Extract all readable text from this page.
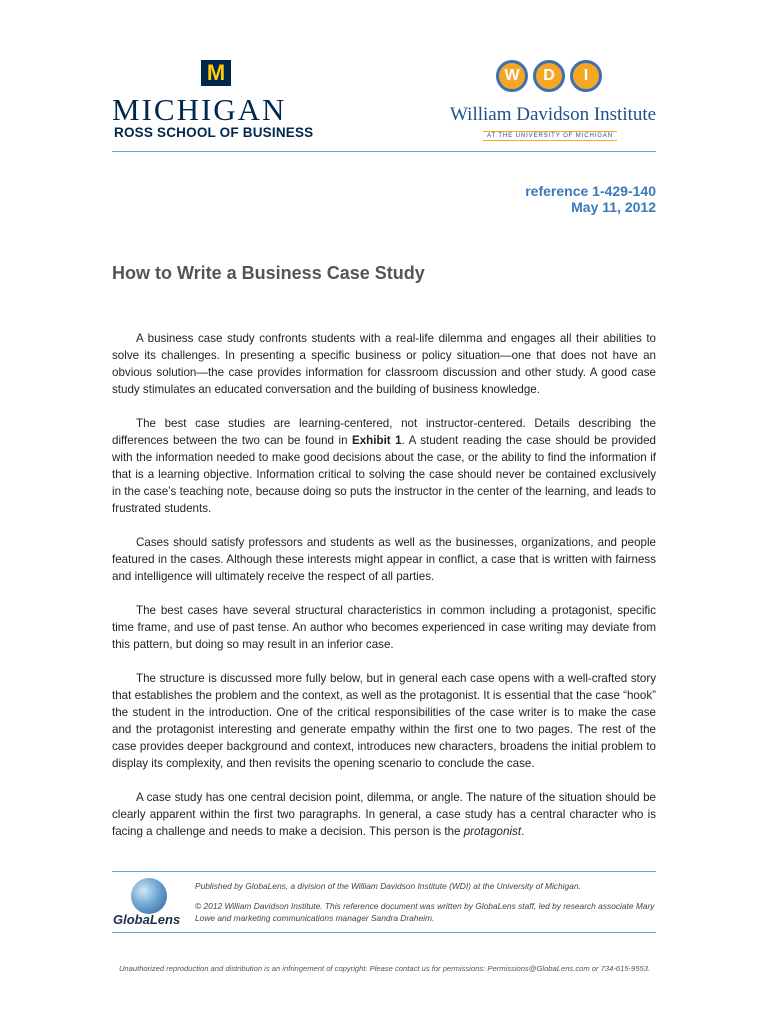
M
MICHIGAN
ROSS SCHOOL OF BUSINESS
W	D	I
William Davidson Institute
AT THE UNIVERSITY OF MICHIGAN
reference 1-429-140
May 11, 2012
How to Write a Business Case Study

A business case study confronts students with a real-life dilemma and engages all their abilities to solve its challenges. In presenting a specific business or policy situation—one that does not have an obvious solution—the case provides information for classroom discussion and other study. A good case study stimulates an educated conversation and the building of business knowledge.

The best case studies are learning-centered, not instructor-centered. Details describing the differences between the two can be found in Exhibit 1. A student reading the case should be provided with the information needed to make good decisions about the case, or the ability to find the information if that is a learning objective. Information critical to solving the case should never be contained exclusively in the case’s teaching note, because doing so puts the instructor in the center of the learning, and leads to frustrated students.

Cases should satisfy professors and students as well as the businesses, organizations, and people featured in the cases. Although these interests might appear in conflict, a case that is written with fairness and intelligence will ultimately receive the respect of all parties.

The best cases have several structural characteristics in common including a protagonist, specific time frame, and use of past tense. An author who becomes experienced in case writing may deviate from this pattern, but doing so may result in an inferior case.

The structure is discussed more fully below, but in general each case opens with a well-crafted story that establishes the problem and the context, as well as the protagonist. It is essential that the case “hook” the student in the introduction. One of the critical responsibilities of the case writer is to make the case and the protagonist interesting and generate empathy within the first one to two pages. The rest of the case provides deeper background and context, introduces new characters, broadens the initial problem to display its complexity, and then revisits the opening scenario to conclude the case.

A case study has one central decision point, dilemma, or angle. The nature of the situation should be clearly apparent within the first two paragraphs. In general, a case study has a central character who is facing a challenge and needs to make a decision. This person is the protagonist.

GlobaLens
Published by GlobaLens, a division of the William Davidson Institute (WDI) at the University of Michigan.
© 2012 William Davidson Institute. This reference document was written by GlobaLens staff, led by research associate Mary Lowe and marketing communications manager Sandra Draheim.
Unauthorized reproduction and distribution is an infringement of copyright. Please contact us for permissions: Permissions@GlobaLens.com or 734-615-9553.
